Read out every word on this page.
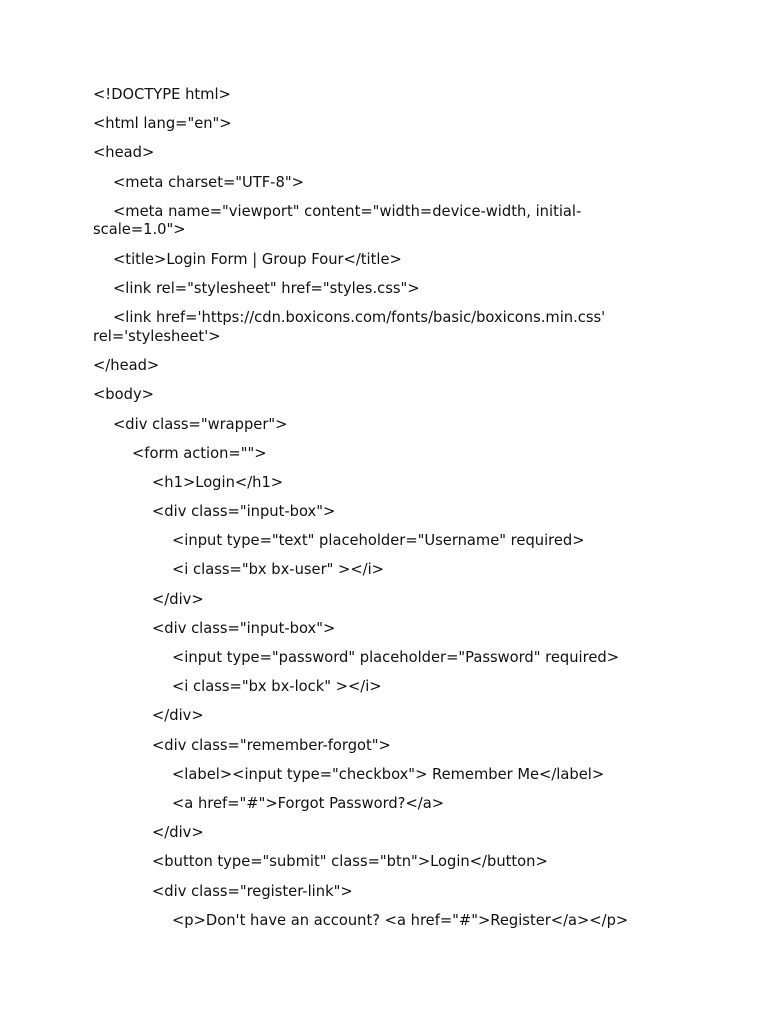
<!DOCTYPE html>
<html lang="en">
<head>
<meta charset="UTF-8">
<meta name="viewport" content="width=device-width, initial-scale=1.0">
<title>Login Form | Group Four</title>
<link rel="stylesheet" href="styles.css">
<link href='https://cdn.boxicons.com/fonts/basic/boxicons.min.css' rel='stylesheet'>
</head>
<body>
<div class="wrapper">
<form action="">
<h1>Login</h1>
<div class="input-box">
<input type="text" placeholder="Username" required>
<i class="bx bx-user" ></i>
</div>
<div class="input-box">
<input type="password" placeholder="Password" required>
<i class="bx bx-lock" ></i>
</div>
<div class="remember-forgot">
<label><input type="checkbox"> Remember Me</label>
<a href="#">Forgot Password?</a>
</div>
<button type="submit" class="btn">Login</button>
<div class="register-link">
<p>Don't have an account? <a href="#">Register</a></p>
